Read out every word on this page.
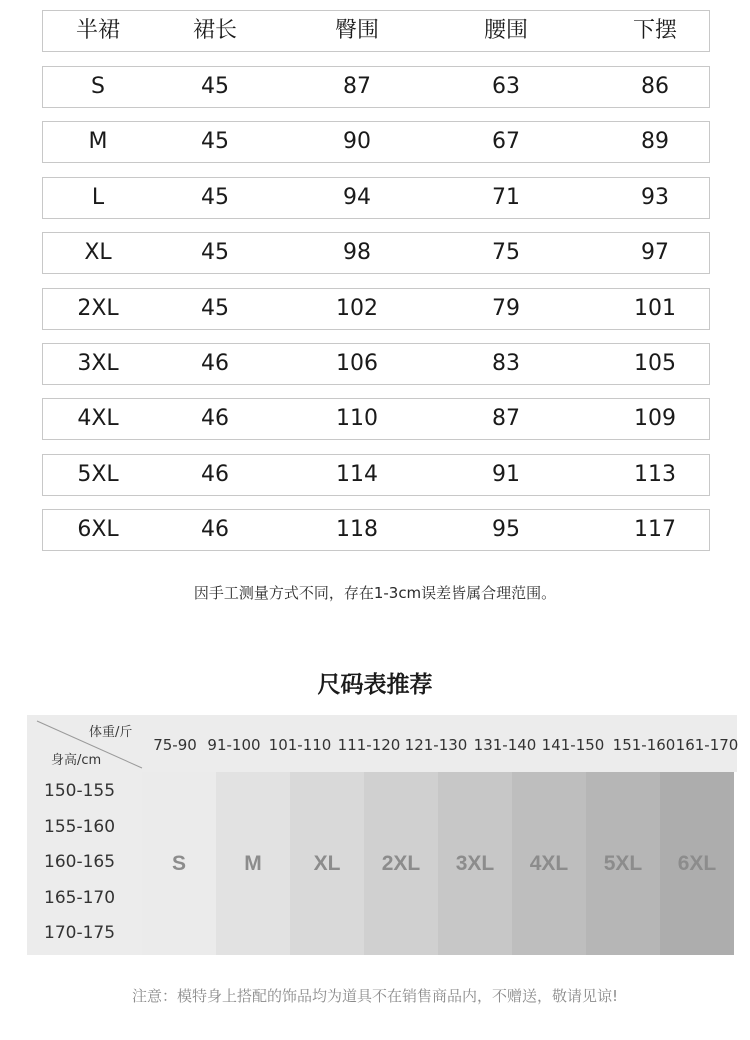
半裙	裙长	臀围	腰围	下摆
S	45	87	63	86
M	45	90	67	89
L	45	94	71	93
XL	45	98	75	97
2XL	45	102	79	101
3XL	46	106	83	105
4XL	46	110	87	109
5XL	46	114	91	113
6XL	46	118	95	117
因手工测量方式不同，存在1-3cm误差皆属合理范围。
尺码表推荐
体重/斤
身高/cm
75-90 91-100 101-110 111-120 121-130 131-140 141-150 151-160 161-170
150-155
155-160
160-165
165-170
170-175
S	M	XL	2XL	3XL	4XL	5XL	6XL
注意：模特身上搭配的饰品均为道具不在销售商品内，不赠送，敬请见谅!
